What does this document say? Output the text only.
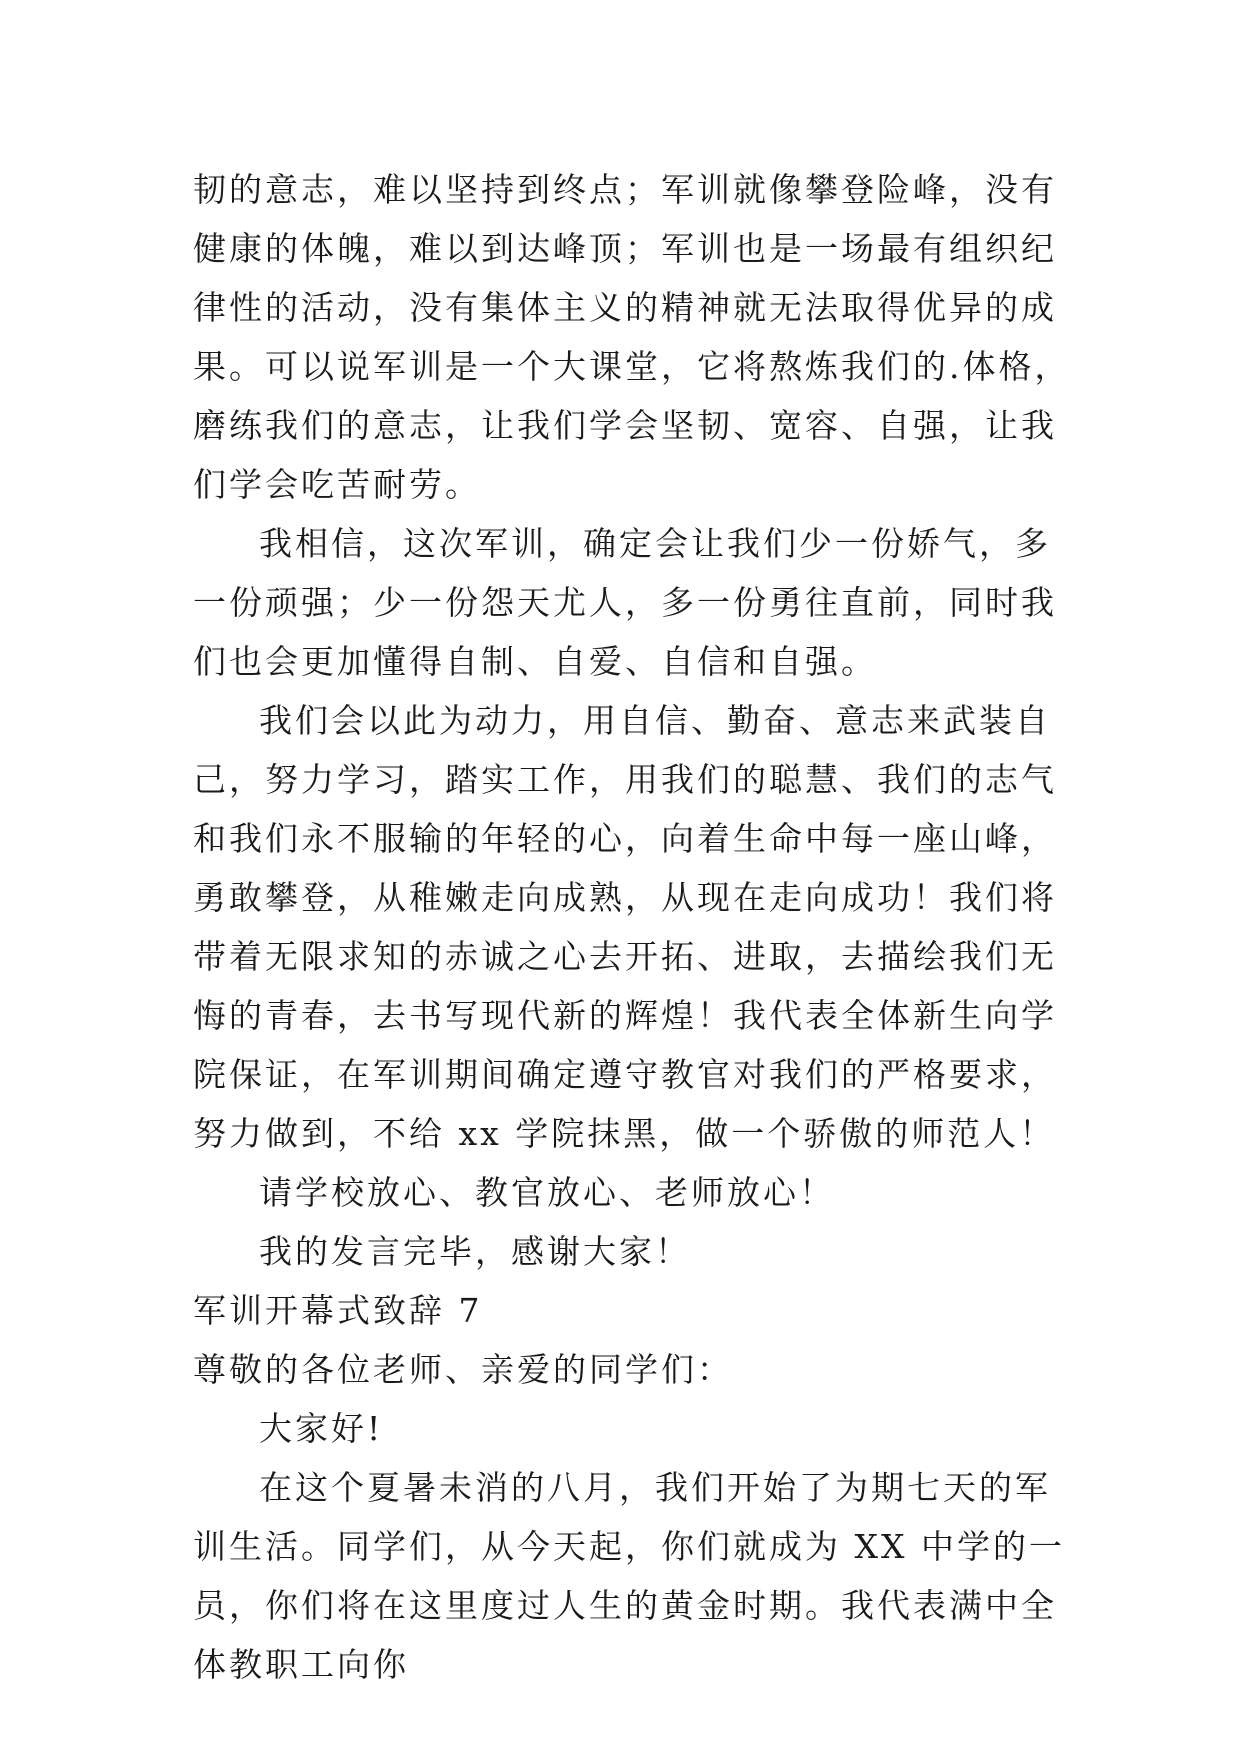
韧的意志，难以坚持到终点；军训就像攀登险峰，没有健康的体魄，难以到达峰顶；军训也是一场最有组织纪律性的活动，没有集体主义的精神就无法取得优异的成果。可以说军训是一个大课堂，它将熬炼我们的.体格，磨练我们的意志，让我们学会坚韧、宽容、自强，让我们学会吃苦耐劳。

我相信，这次军训，确定会让我们少一份娇气，多一份顽强；少一份怨天尤人，多一份勇往直前，同时我们也会更加懂得自制、自爱、自信和自强。

我们会以此为动力，用自信、勤奋、意志来武装自己，努力学习，踏实工作，用我们的聪慧、我们的志气和我们永不服输的年轻的心，向着生命中每一座山峰，勇敢攀登，从稚嫩走向成熟，从现在走向成功！我们将带着无限求知的赤诚之心去开拓、进取，去描绘我们无悔的青春，去书写现代新的辉煌！我代表全体新生向学院保证，在军训期间确定遵守教官对我们的严格要求，努力做到，不给 xx 学院抹黑，做一个骄傲的师范人！

请学校放心、教官放心、老师放心！

我的发言完毕，感谢大家！

军训开幕式致辞 7

尊敬的各位老师、亲爱的同学们：

大家好!

在这个夏暑未消的八月，我们开始了为期七天的军训生活。同学们，从今天起，你们就成为 XX 中学的一员，你们将在这里度过人生的黄金时期。我代表满中全体教职工向你
